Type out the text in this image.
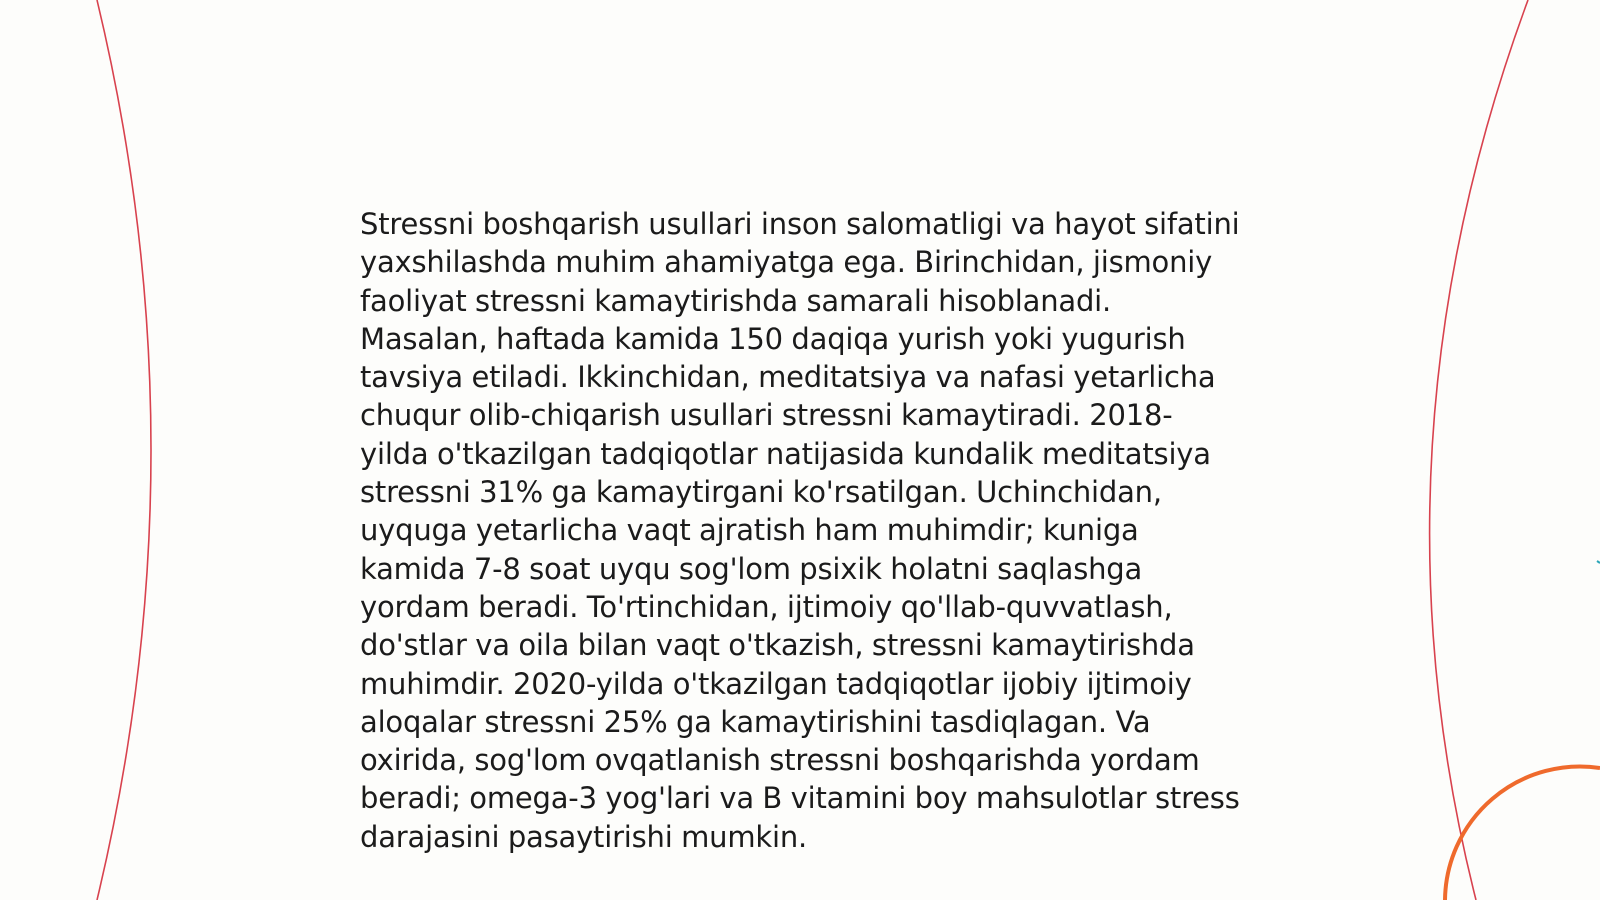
Stressni boshqarish usullari inson salomatligi va hayot sifatini yaxshilashda muhim ahamiyatga ega. Birinchidan, jismoniy faoliyat stressni kamaytirishda samarali hisoblanadi. Masalan, haftada kamida 150 daqiqa yurish yoki yugurish tavsiya etiladi. Ikkinchidan, meditatsiya va nafasi yetarlicha chuqur olib-chiqarish usullari stressni kamaytiradi. 2018-yilda o'tkazilgan tadqiqotlar natijasida kundalik meditatsiya stressni 31% ga kamaytirgani ko'rsatilgan. Uchinchidan, uyquga yetarlicha vaqt ajratish ham muhimdir; kuniga kamida 7-8 soat uyqu sog'lom psixik holatni saqlashga yordam beradi. To'rtinchidan, ijtimoiy qo'llab-quvvatlash, do'stlar va oila bilan vaqt o'tkazish, stressni kamaytirishda muhimdir. 2020-yilda o'tkazilgan tadqiqotlar ijobiy ijtimoiy aloqalar stressni 25% ga kamaytirishini tasdiqlagan. Va oxirida, sog'lom ovqatlanish stressni boshqarishda yordam beradi; omega-3 yog'lari va B vitamini boy mahsulotlar stress darajasini pasaytirishi mumkin.
